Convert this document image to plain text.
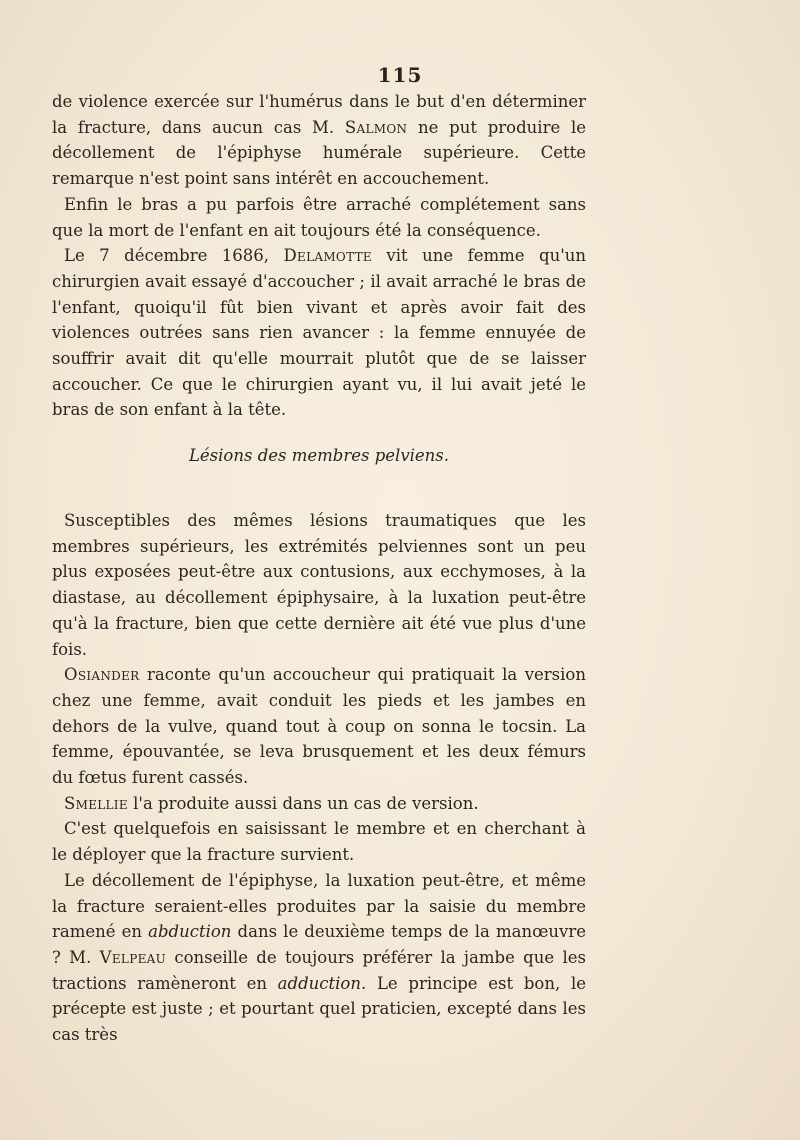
115

de violence exercée sur l'humérus dans le but d'en déterminer la fracture, dans aucun cas M. Salmon ne put produire le décollement de l'épiphyse humérale supérieure. Cette remarque n'est point sans intérêt en accouchement.

Enfin le bras a pu parfois être arraché complétement sans que la mort de l'enfant en ait toujours été la conséquence.

Le 7 décembre 1686, Delamotte vit une femme qu'un chirurgien avait essayé d'accoucher ; il avait arraché le bras de l'enfant, quoiqu'il fût bien vivant et après avoir fait des violences outrées sans rien avancer : la femme ennuyée de souffrir avait dit qu'elle mourrait plutôt que de se laisser accoucher. Ce que le chirurgien ayant vu, il lui avait jeté le bras de son enfant à la tête.

Lésions des membres pelviens.

Susceptibles des mêmes lésions traumatiques que les membres supérieurs, les extrémités pelviennes sont un peu plus exposées peut-être aux contusions, aux ecchymoses, à la diastase, au décollement épiphysaire, à la luxation peut-être qu'à la fracture, bien que cette dernière ait été vue plus d'une fois.

Osiander raconte qu'un accoucheur qui pratiquait la version chez une femme, avait conduit les pieds et les jambes en dehors de la vulve, quand tout à coup on sonna le tocsin. La femme, épouvantée, se leva brusquement et les deux fémurs du fœtus furent cassés.

Smellie l'a produite aussi dans un cas de version.

C'est quelquefois en saisissant le membre et en cherchant à le déployer que la fracture survient.

Le décollement de l'épiphyse, la luxation peut-être, et même la fracture seraient-elles produites par la saisie du membre ramené en abduction dans le deuxième temps de la manœuvre ? M. Velpeau conseille de toujours préférer la jambe que les tractions ramèneront en adduction. Le principe est bon, le précepte est juste ; et pourtant quel praticien, excepté dans les cas très
